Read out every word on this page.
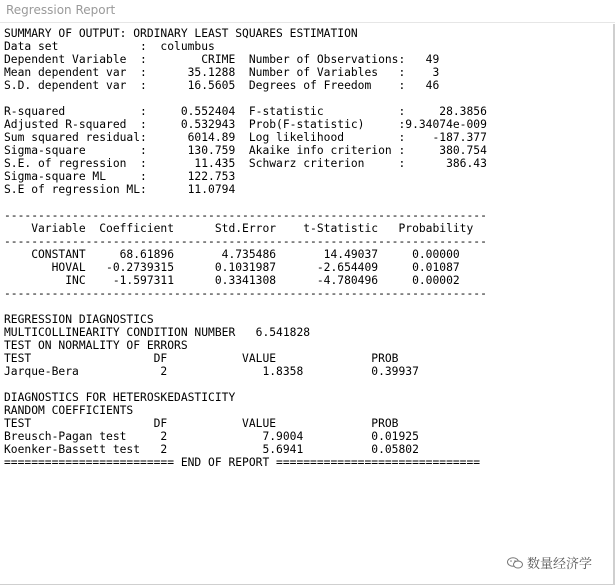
Regression Report
SUMMARY OF OUTPUT: ORDINARY LEAST SQUARES ESTIMATION
Data set            :  columbus
Dependent Variable  :        CRIME  Number of Observations:   49
Mean dependent var  :      35.1288  Number of Variables   :    3
S.D. dependent var  :      16.5605  Degrees of Freedom    :   46

R-squared           :     0.552404  F-statistic           :     28.3856
Adjusted R-squared  :     0.532943  Prob(F-statistic)     :9.34074e-009
Sum squared residual:      6014.89  Log likelihood        :    -187.377
Sigma-square        :      130.759  Akaike info criterion :     380.754
S.E. of regression  :       11.435  Schwarz criterion     :      386.43
Sigma-square ML     :      122.753
S.E of regression ML:      11.0794

-----------------------------------------------------------------------
Variable  Coefficient      Std.Error    t-Statistic   Probability
-----------------------------------------------------------------------
CONSTANT     68.61896       4.735486       14.49037     0.00000
HOVAL   -0.2739315      0.1031987      -2.654409     0.01087
INC    -1.597311      0.3341308      -4.780496     0.00002
-----------------------------------------------------------------------

REGRESSION DIAGNOSTICS
MULTICOLLINEARITY CONDITION NUMBER   6.541828
TEST ON NORMALITY OF ERRORS
TEST                  DF           VALUE              PROB
Jarque-Bera            2              1.8358          0.39937

DIAGNOSTICS FOR HETEROSKEDASTICITY
RANDOM COEFFICIENTS
TEST                  DF           VALUE              PROB
Breusch-Pagan test     2              7.9004          0.01925
Koenker-Bassett test   2              5.6941          0.05802
========================= END OF REPORT ==============================

数量经济学
